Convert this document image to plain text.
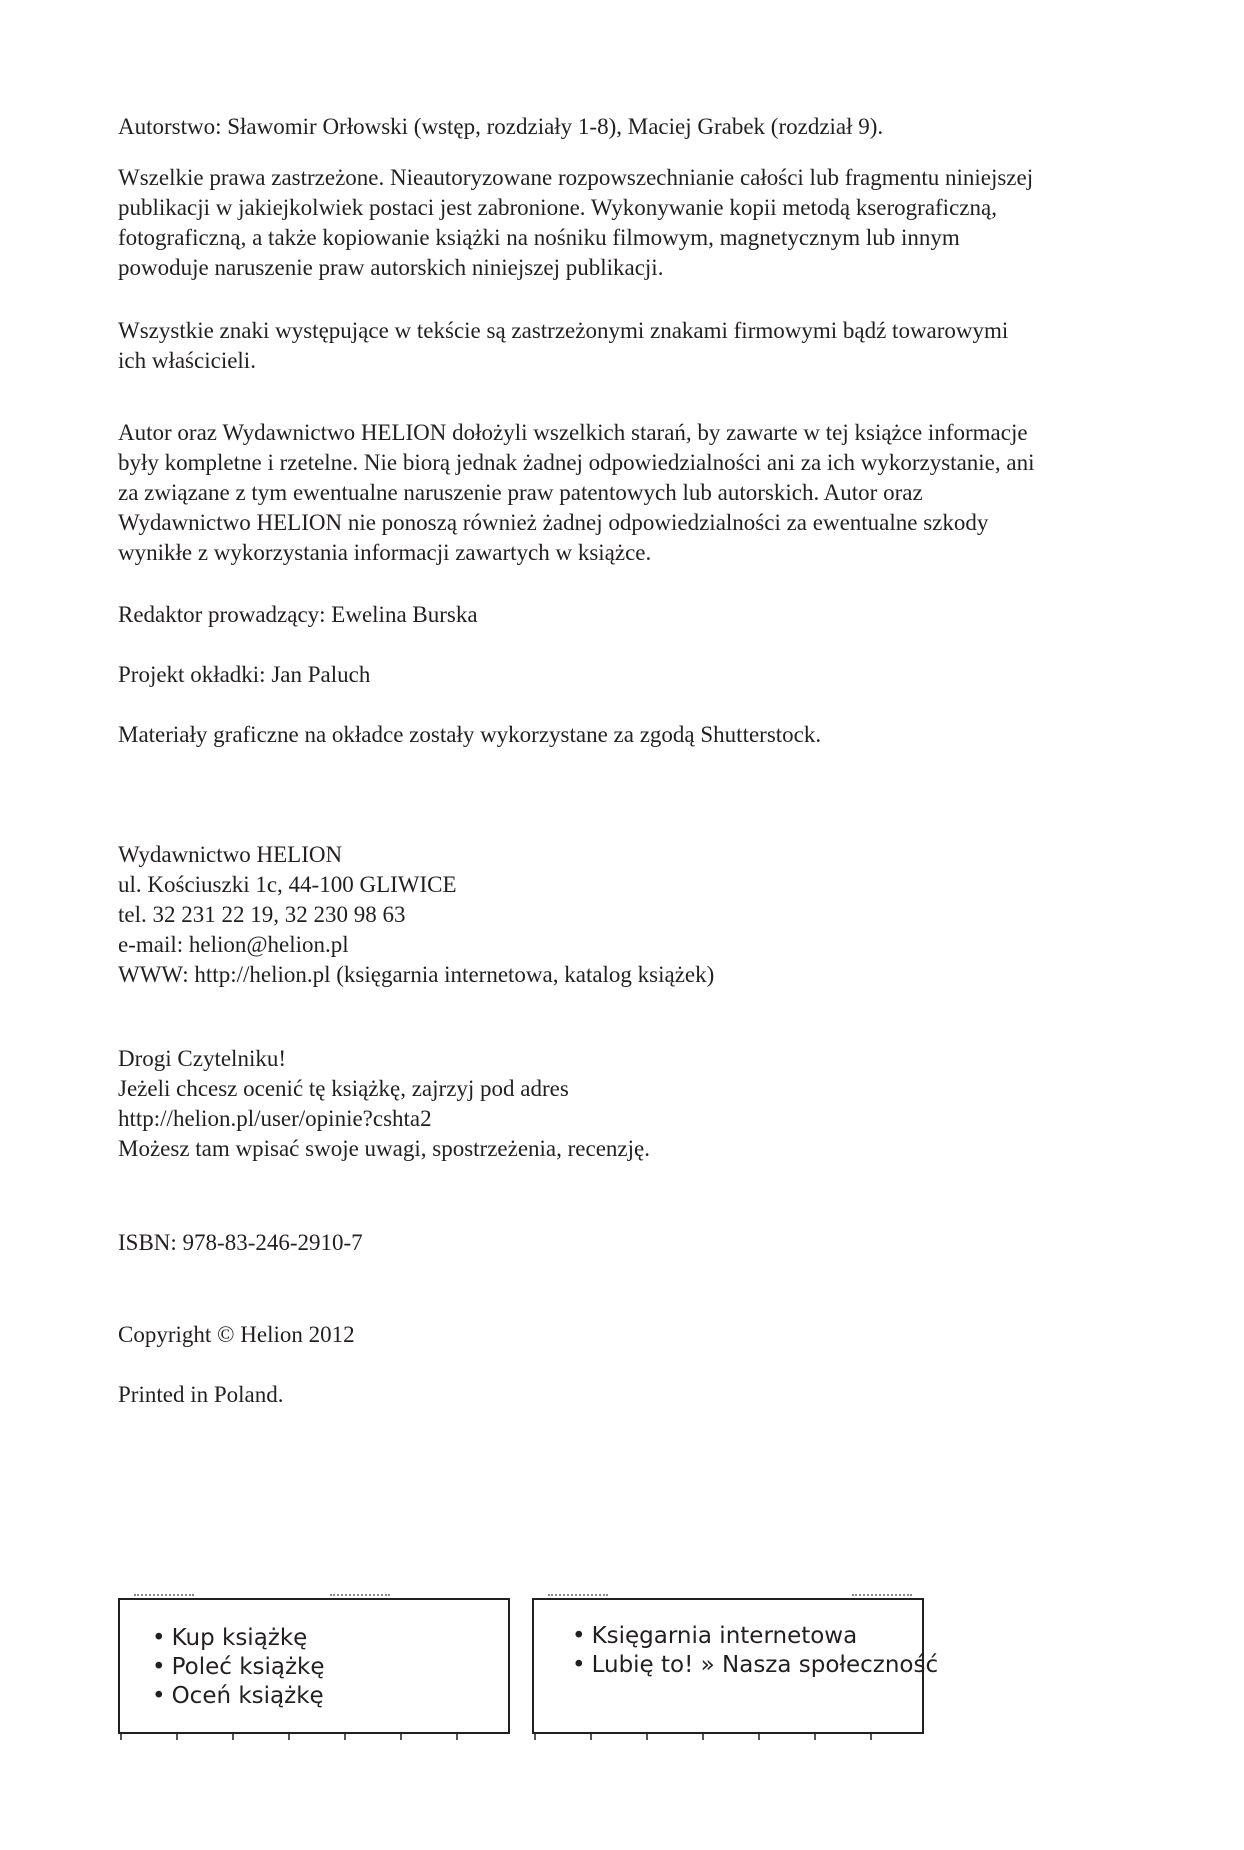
Autorstwo: Sławomir Orłowski (wstęp, rozdziały 1-8), Maciej Grabek (rozdział 9).

Wszelkie prawa zastrzeżone. Nieautoryzowane rozpowszechnianie całości lub fragmentu niniejszej
publikacji w jakiejkolwiek postaci jest zabronione. Wykonywanie kopii metodą kserograficzną,
fotograficzną, a także kopiowanie książki na nośniku filmowym, magnetycznym lub innym
powoduje naruszenie praw autorskich niniejszej publikacji.

Wszystkie znaki występujące w tekście są zastrzeżonymi znakami firmowymi bądź towarowymi
ich właścicieli.

Autor oraz Wydawnictwo HELION dołożyli wszelkich starań, by zawarte w tej książce informacje
były kompletne i rzetelne. Nie biorą jednak żadnej odpowiedzialności ani za ich wykorzystanie, ani
za związane z tym ewentualne naruszenie praw patentowych lub autorskich. Autor oraz
Wydawnictwo HELION nie ponoszą również żadnej odpowiedzialności za ewentualne szkody
wynikłe z wykorzystania informacji zawartych w książce.

Redaktor prowadzący: Ewelina Burska

Projekt okładki: Jan Paluch

Materiały graficzne na okładce zostały wykorzystane za zgodą Shutterstock.

Wydawnictwo HELION

ul. Kościuszki 1c, 44-100 GLIWICE

tel. 32 231 22 19, 32 230 98 63

e-mail: helion@helion.pl

WWW: http://helion.pl (księgarnia internetowa, katalog książek)

Drogi Czytelniku!

Jeżeli chcesz ocenić tę książkę, zajrzyj pod adres

http://helion.pl/user/opinie?cshta2

Możesz tam wpisać swoje uwagi, spostrzeżenia, recenzję.

ISBN: 978-83-246-2910-7

Copyright © Helion 2012

Printed in Poland.

• Kup książkę
• Poleć książkę
• Oceń książkę
• Księgarnia internetowa
• Lubię to! » Nasza społeczność
